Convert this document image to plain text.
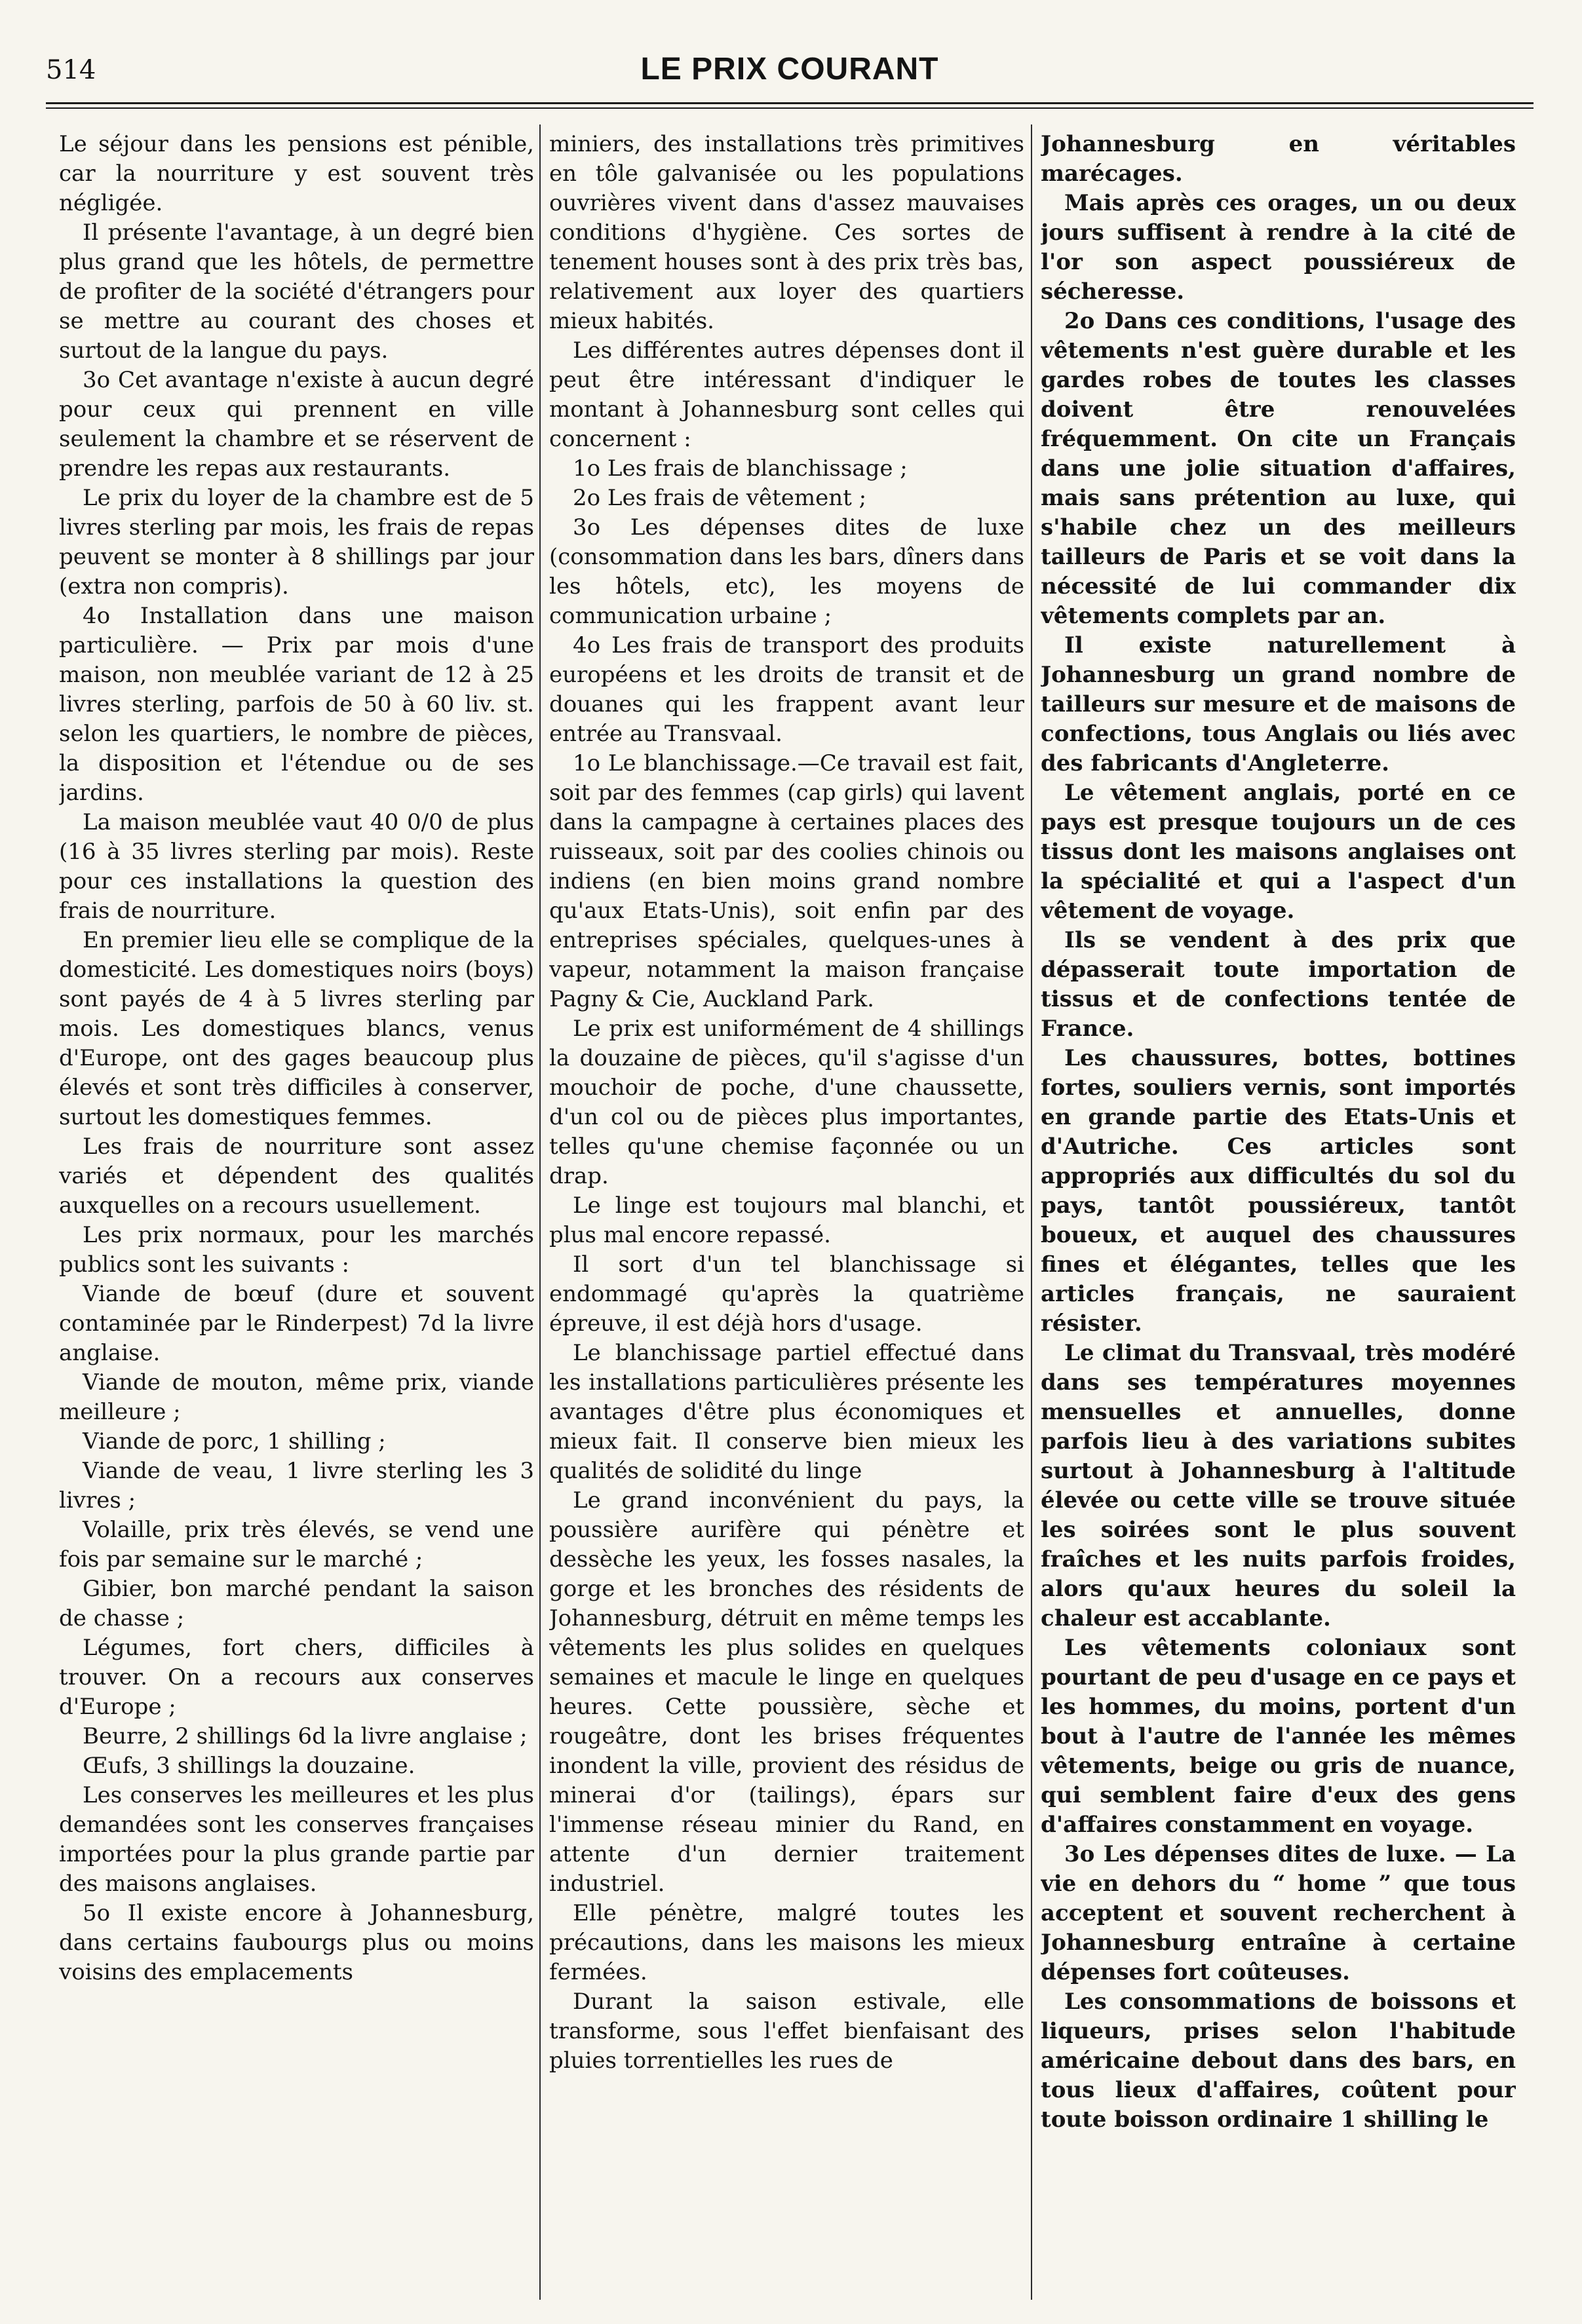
514	LE PRIX COURANT

Le séjour dans les pensions est pénible, car la nourriture y est souvent très négligée.

Il présente l'avantage, à un degré bien plus grand que les hôtels, de permettre de profiter de la société d'étrangers pour se mettre au courant des choses et surtout de la langue du pays.

3o Cet avantage n'existe à aucun degré pour ceux qui prennent en ville seulement la chambre et se réservent de prendre les repas aux restaurants.

Le prix du loyer de la chambre est de 5 livres sterling par mois, les frais de repas peuvent se monter à 8 shillings par jour (extra non compris).

4o Installation dans une maison particulière. — Prix par mois d'une maison, non meublée variant de 12 à 25 livres sterling, parfois de 50 à 60 liv. st. selon les quartiers, le nombre de pièces, la disposition et l'étendue ou de ses jardins.

La maison meublée vaut 40 0/0 de plus (16 à 35 livres sterling par mois). Reste pour ces installations la question des frais de nourriture.

En premier lieu elle se complique de la domesticité. Les domestiques noirs (boys) sont payés de 4 à 5 livres sterling par mois. Les domestiques blancs, venus d'Europe, ont des gages beaucoup plus élevés et sont très difficiles à conserver, surtout les domestiques femmes.

Les frais de nourriture sont assez variés et dépendent des qualités auxquelles on a recours usuellement.

Les prix normaux, pour les marchés publics sont les suivants :

Viande de bœuf (dure et souvent contaminée par le Rinderpest) 7d la livre anglaise.

Viande de mouton, même prix, viande meilleure ;

Viande de porc, 1 shilling ;

Viande de veau, 1 livre sterling les 3 livres ;

Volaille, prix très élevés, se vend une fois par semaine sur le marché ;

Gibier, bon marché pendant la saison de chasse ;

Légumes, fort chers, difficiles à trouver. On a recours aux conserves d'Europe ;

Beurre, 2 shillings 6d la livre anglaise ;

Œufs, 3 shillings la douzaine.

Les conserves les meilleures et les plus demandées sont les conserves françaises importées pour la plus grande partie par des maisons anglaises.

5o Il existe encore à Johannesburg, dans certains faubourgs plus ou moins voisins des emplacements

miniers, des installations très primitives en tôle galvanisée ou les populations ouvrières vivent dans d'assez mauvaises conditions d'hygiène. Ces sortes de tenement houses sont à des prix très bas, relativement aux loyer des quartiers mieux habités.

Les différentes autres dépenses dont il peut être intéressant d'indiquer le montant à Johannesburg sont celles qui concernent :

1o Les frais de blanchissage ;

2o Les frais de vêtement ;

3o Les dépenses dites de luxe (consommation dans les bars, dîners dans les hôtels, etc), les moyens de communication urbaine ;

4o Les frais de transport des produits européens et les droits de transit et de douanes qui les frappent avant leur entrée au Transvaal.

1o Le blanchissage.—Ce travail est fait, soit par des femmes (cap girls) qui lavent dans la campagne à certaines places des ruisseaux, soit par des coolies chinois ou indiens (en bien moins grand nombre qu'aux Etats-Unis), soit enfin par des entreprises spéciales, quelques-unes à vapeur, notamment la maison française Pagny & Cie, Auckland Park.

Le prix est uniformément de 4 shillings la douzaine de pièces, qu'il s'agisse d'un mouchoir de poche, d'une chaussette, d'un col ou de pièces plus importantes, telles qu'une chemise façonnée ou un drap.

Le linge est toujours mal blanchi, et plus mal encore repassé.

Il sort d'un tel blanchissage si endommagé qu'après la quatrième épreuve, il est déjà hors d'usage.

Le blanchissage partiel effectué dans les installations particulières présente les avantages d'être plus économiques et mieux fait. Il conserve bien mieux les qualités de solidité du linge

Le grand inconvénient du pays, la poussière aurifère qui pénètre et dessèche les yeux, les fosses nasales, la gorge et les bronches des résidents de Johannesburg, détruit en même temps les vêtements les plus solides en quelques semaines et macule le linge en quelques heures. Cette poussière, sèche et rougeâtre, dont les brises fréquentes inondent la ville, provient des résidus de minerai d'or (tailings), épars sur l'immense réseau minier du Rand, en attente d'un dernier traitement industriel.

Elle pénètre, malgré toutes les précautions, dans les maisons les mieux fermées.

Durant la saison estivale, elle transforme, sous l'effet bienfaisant des pluies torrentielles les rues de

Johannesburg en véritables marécages.

Mais après ces orages, un ou deux jours suffisent à rendre à la cité de l'or son aspect poussiéreux de sécheresse.

2o Dans ces conditions, l'usage des vêtements n'est guère durable et les gardes robes de toutes les classes doivent être renouvelées fréquemment. On cite un Français dans une jolie situation d'affaires, mais sans prétention au luxe, qui s'habile chez un des meilleurs tailleurs de Paris et se voit dans la nécessité de lui commander dix vêtements complets par an.

Il existe naturellement à Johannesburg un grand nombre de tailleurs sur mesure et de maisons de confections, tous Anglais ou liés avec des fabricants d'Angleterre.

Le vêtement anglais, porté en ce pays est presque toujours un de ces tissus dont les maisons anglaises ont la spécialité et qui a l'aspect d'un vêtement de voyage.

Ils se vendent à des prix que dépasserait toute importation de tissus et de confections tentée de France.

Les chaussures, bottes, bottines fortes, souliers vernis, sont importés en grande partie des Etats-Unis et d'Autriche. Ces articles sont appropriés aux difficultés du sol du pays, tantôt poussiéreux, tantôt boueux, et auquel des chaussures fines et élégantes, telles que les articles français, ne sauraient résister.

Le climat du Transvaal, très modéré dans ses températures moyennes mensuelles et annuelles, donne parfois lieu à des variations subites surtout à Johannesburg à l'altitude élevée ou cette ville se trouve située les soirées sont le plus souvent fraîches et les nuits parfois froides, alors qu'aux heures du soleil la chaleur est accablante.

Les vêtements coloniaux sont pourtant de peu d'usage en ce pays et les hommes, du moins, portent d'un bout à l'autre de l'année les mêmes vêtements, beige ou gris de nuance, qui semblent faire d'eux des gens d'affaires constamment en voyage.

3o Les dépenses dites de luxe. — La vie en dehors du “ home ” que tous acceptent et souvent recherchent à Johannesburg entraîne à certaine dépenses fort coûteuses.

Les consommations de boissons et liqueurs, prises selon l'habitude américaine debout dans des bars, en tous lieux d'affaires, coûtent pour toute boisson ordinaire 1 shilling le
